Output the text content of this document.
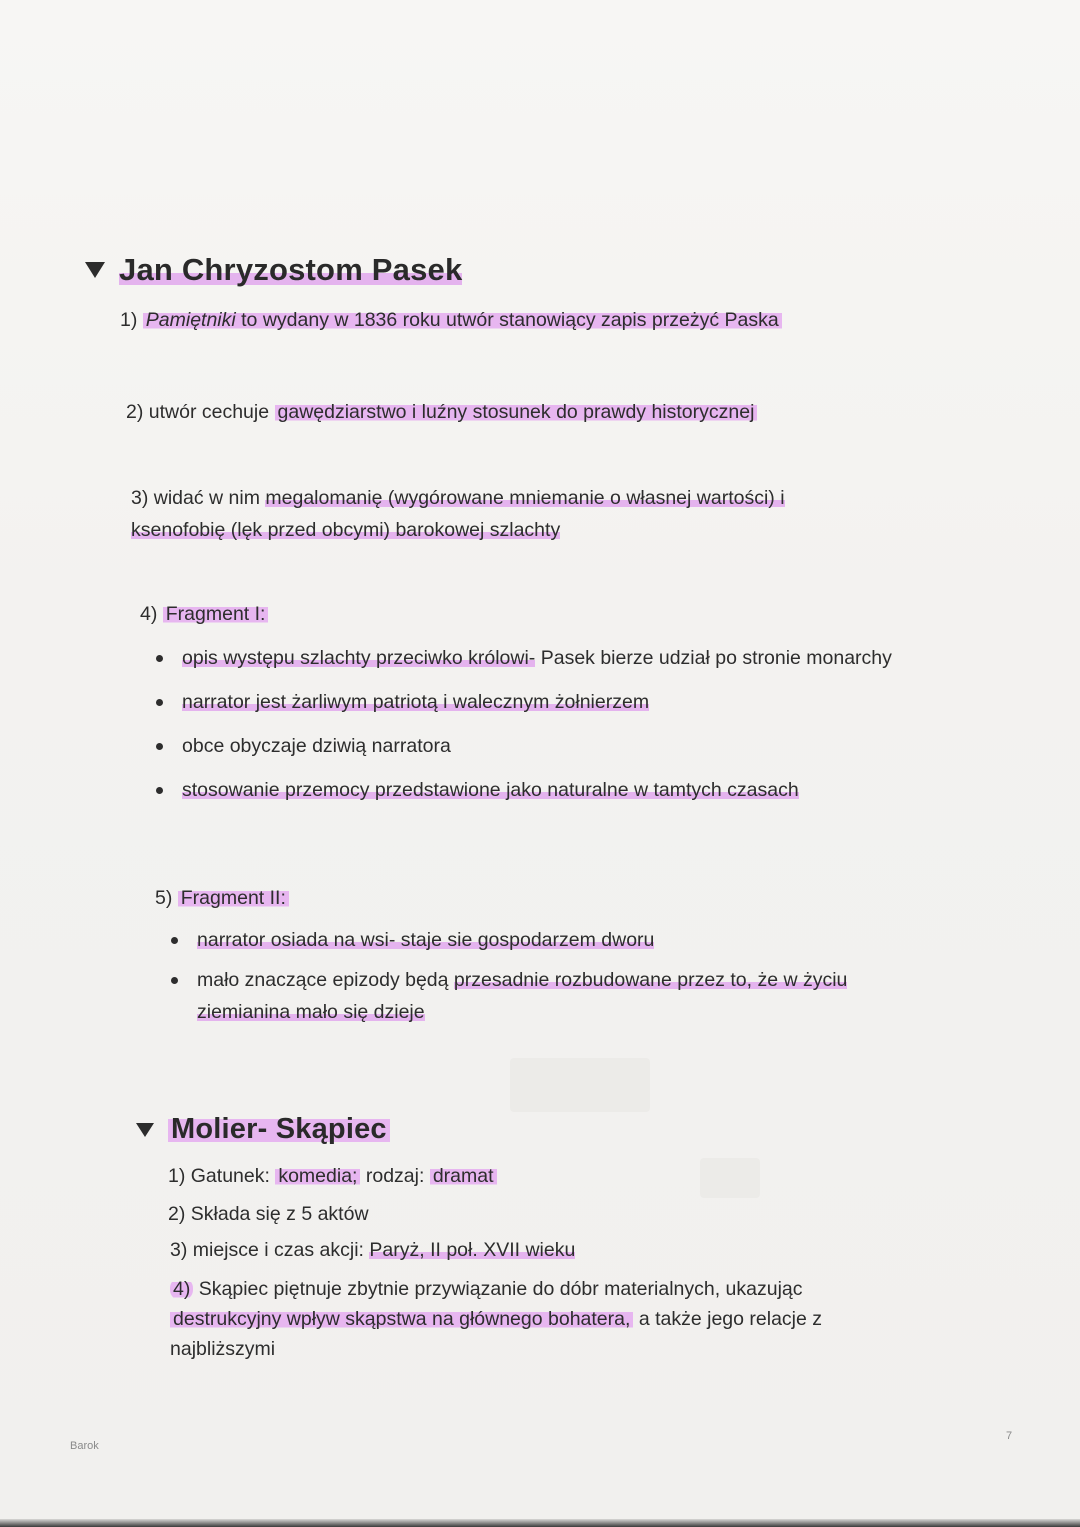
Jan Chryzostom Pasek
1) Pamiętniki to wydany w 1836 roku utwór stanowiący zapis przeżyć Paska
2) utwór cechuje gawędziarstwo i luźny stosunek do prawdy historycznej
3) widać w nim megalomanię (wygórowane mniemanie o własnej wartości) i
ksenofobię (lęk przed obcymi) barokowej szlachty
4) Fragment I:
opis występu szlachty przeciwko królowi- Pasek bierze udział po stronie monarchy
narrator jest żarliwym patriotą i walecznym żołnierzem
obce obyczaje dziwią narratora
stosowanie przemocy przedstawione jako naturalne w tamtych czasach
5) Fragment II:
narrator osiada na wsi- staje sie gospodarzem dworu
mało znaczące epizody będą przesadnie rozbudowane przez to, że w życiu ziemianina mało się dzieje
Molier- Skąpiec
1) Gatunek: komedia; rodzaj: dramat
2) Składa się z 5 aktów
3) miejsce i czas akcji: Paryż, II poł. XVII wieku
4) Skąpiec piętnuje zbytnie przywiązanie do dóbr materialnych, ukazując
destrukcyjny wpływ skąpstwa na głównego bohatera, a także jego relacje z
najbliższymi
Barok
7
